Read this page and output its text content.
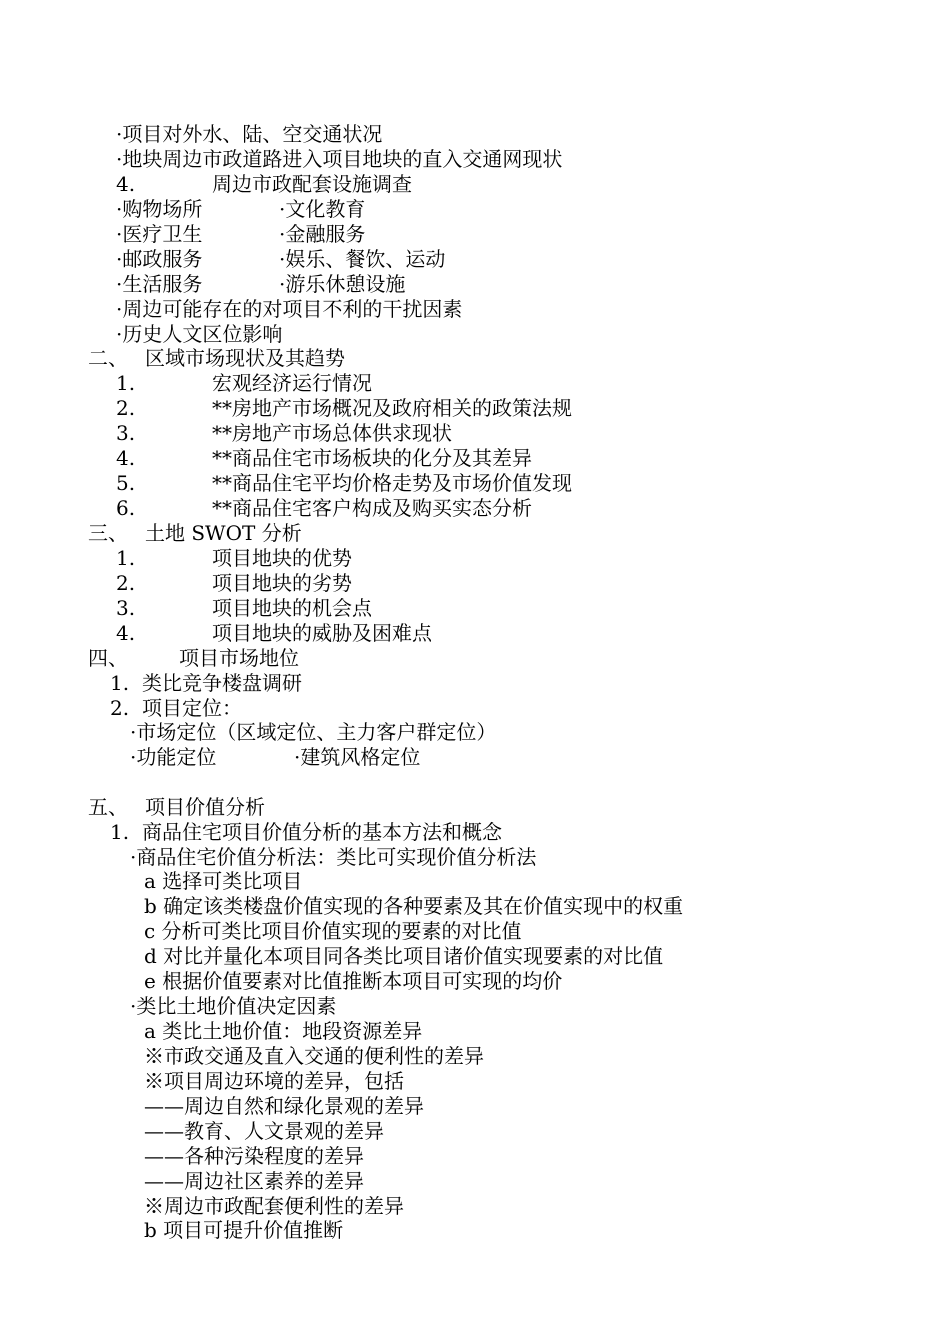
·项目对外水、陆、空交通状况
·地块周边市政道路进入项目地块的直入交通网现状
4.	周边市政配套设施调查
·购物场所	·文化教育
·医疗卫生	·金融服务
·邮政服务	·娱乐、餐饮、运动
·生活服务	·游乐休憩设施
·周边可能存在的对项目不利的干扰因素
·历史人文区位影响
二、 区域市场现状及其趋势
1.	宏观经济运行情况
2.	**房地产市场概况及政府相关的政策法规
3.	**房地产市场总体供求现状
4.	**商品住宅市场板块的化分及其差异
5.	**商品住宅平均价格走势及市场价值发现
6.	**商品住宅客户构成及购买实态分析
三、 土地 SWOT 分析
1.	项目地块的优势
2.	项目地块的劣势
3.	项目地块的机会点
4.	项目地块的威胁及困难点
四、	项目市场地位
1. 类比竞争楼盘调研
2. 项目定位：
·市场定位（区域定位、主力客户群定位）
·功能定位	·建筑风格定位
五、 项目价值分析
1. 商品住宅项目价值分析的基本方法和概念
·商品住宅价值分析法：类比可实现价值分析法
a 选择可类比项目
b 确定该类楼盘价值实现的各种要素及其在价值实现中的权重
c 分析可类比项目价值实现的要素的对比值
d 对比并量化本项目同各类比项目诸价值实现要素的对比值
e 根据价值要素对比值推断本项目可实现的均价
·类比土地价值决定因素
a 类比土地价值：地段资源差异
※市政交通及直入交通的便利性的差异
※项目周边环境的差异，包括
——周边自然和绿化景观的差异
——教育、人文景观的差异
——各种污染程度的差异
——周边社区素养的差异
※周边市政配套便利性的差异
b 项目可提升价值推断
